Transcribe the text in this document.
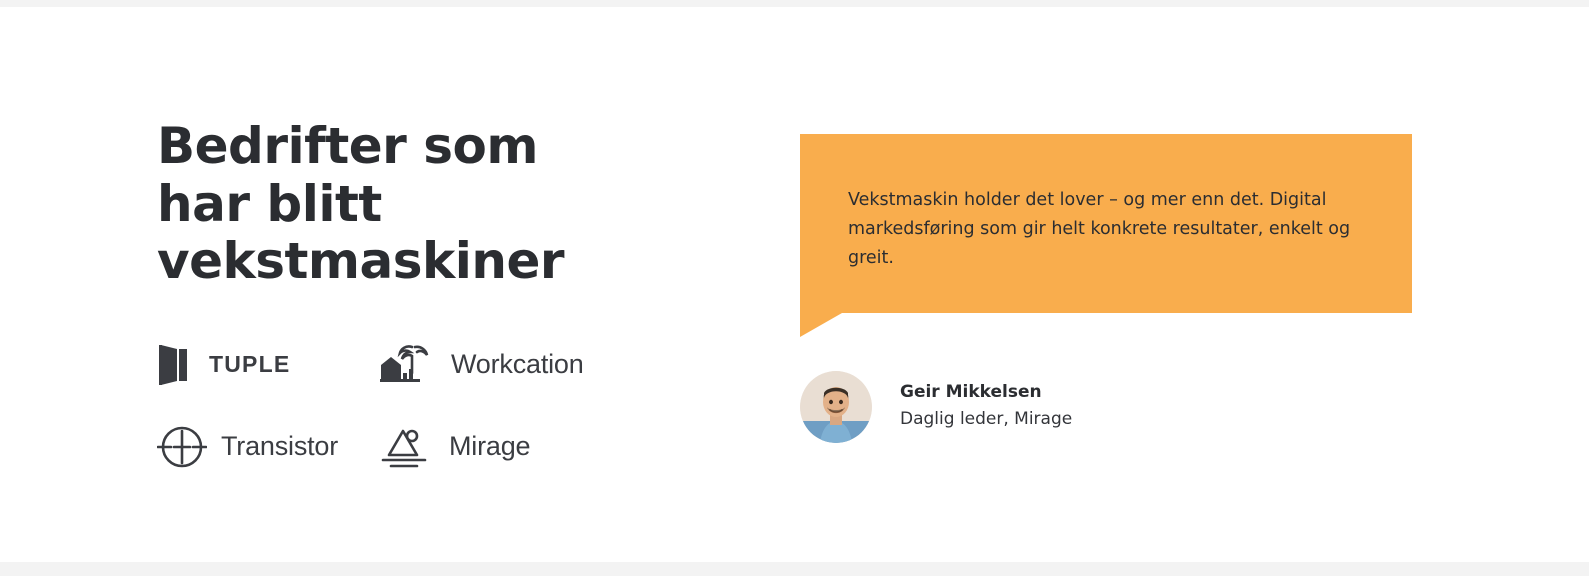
Bedrifter som har blitt vekstmaskiner
TUPLE	Workcation
Transistor	Mirage

Vekstmaskin holder det lover – og mer enn det. Digital markedsføring som gir helt konkrete resultater, enkelt og greit.

Geir Mikkelsen
Daglig leder, Mirage
